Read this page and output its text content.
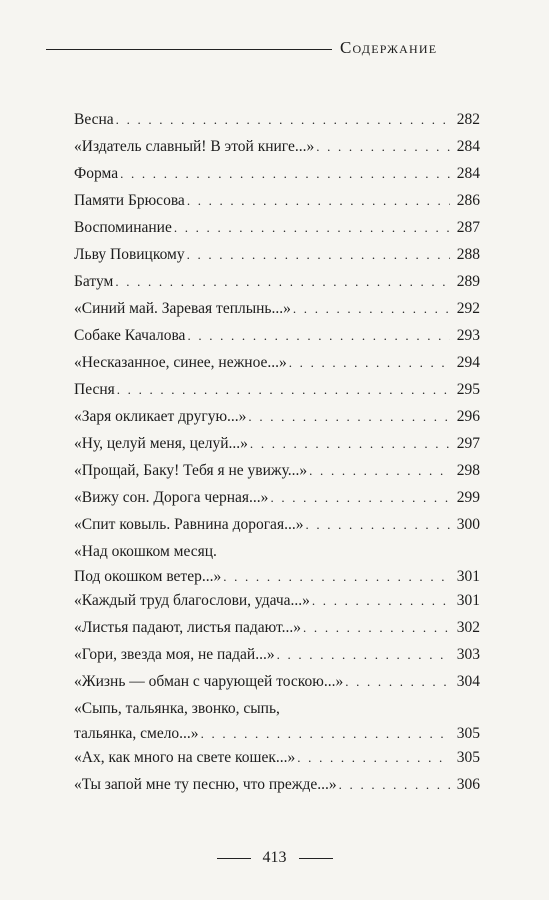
Содержание
Весна . . .	282
«Издатель славный! В этой книге...» . . .	284
Форма . . .	284
Памяти Брюсова . . .	286
Воспоминание . . .	287
Льву Повицкому . . .	288
Батум . . .	289
«Синий май. Заревая теплынь...» . . .	292
Собаке Качалова . . .	293
«Несказанное, синее, нежное...» . . .	294
Песня . . .	295
«Заря окликает другую...» . . .	296
«Ну, целуй меня, целуй...» . . .	297
«Прощай, Баку! Тебя я не увижу...» . . .	298
«Вижу сон. Дорога черная...» . . .	299
«Спит ковыль. Равнина дорогая...» . . .	300
«Над окошком месяц.
Под окошком ветер...» . . .	301
«Каждый труд благослови, удача...» . . .	301
«Листья падают, листья падают...» . . .	302
«Гори, звезда моя, не падай...» . . .	303
«Жизнь — обман с чарующей тоскою...» . . .	304
«Сыпь, тальянка, звонко, сыпь,
тальянка, смело...» . . .	305
«Ах, как много на свете кошек...» . . .	305
«Ты запой мне ту песню, что прежде...» . . .	306
413
